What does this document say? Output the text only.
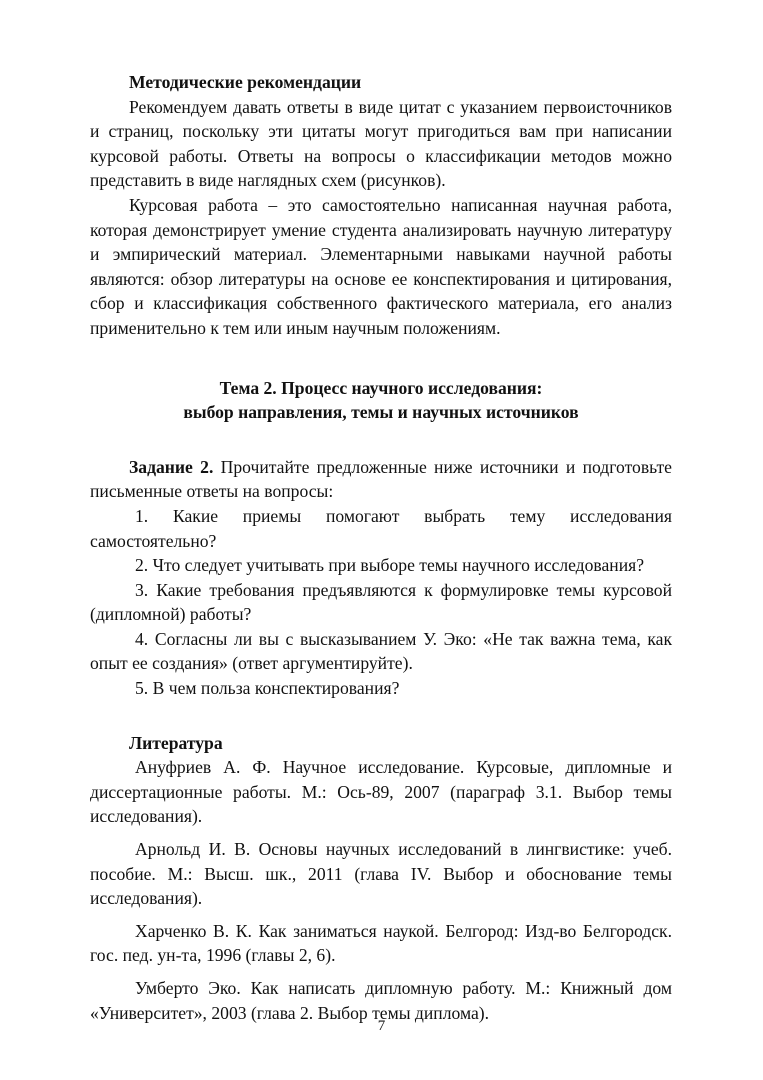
Методические рекомендации

Рекомендуем давать ответы в виде цитат с указанием первоисточников и страниц, поскольку эти цитаты могут пригодиться вам при написании курсовой работы. Ответы на вопросы о классификации методов можно представить в виде наглядных схем (рисунков).

Курсовая работа – это самостоятельно написанная научная работа, которая демонстрирует умение студента анализировать научную литературу и эмпирический материал. Элементарными навыками научной работы являются: обзор литературы на основе ее конспектирования и цитирования, сбор и классификация собственного фактического материала, его анализ применительно к тем или иным научным положениям.

Тема 2. Процесс научного исследования:
выбор направления, темы и научных источников

Задание 2. Прочитайте предложенные ниже источники и подготовьте письменные ответы на вопросы:

1. Какие приемы помогают выбрать тему исследования самостоятельно?
2. Что следует учитывать при выборе темы научного исследования?
3. Какие требования предъявляются к формулировке темы курсовой (дипломной) работы?
4. Согласны ли вы с высказыванием У. Эко: «Не так важна тема, как опыт ее создания» (ответ аргументируйте).
5. В чем польза конспектирования?

Литература

Ануфриев А. Ф. Научное исследование. Курсовые, дипломные и диссертационные работы. М.: Ось-89, 2007 (параграф 3.1. Выбор темы исследования).

Арнольд И. В. Основы научных исследований в лингвистике: учеб. пособие. М.: Высш. шк., 2011 (глава IV. Выбор и обоснование темы исследования).

Харченко В. К. Как заниматься наукой. Белгород: Изд-во Белгородск. гос. пед. ун-та, 1996 (главы 2, 6).

Умберто Эко. Как написать дипломную работу. М.: Книжный дом «Университет», 2003 (глава 2. Выбор темы диплома).

7
